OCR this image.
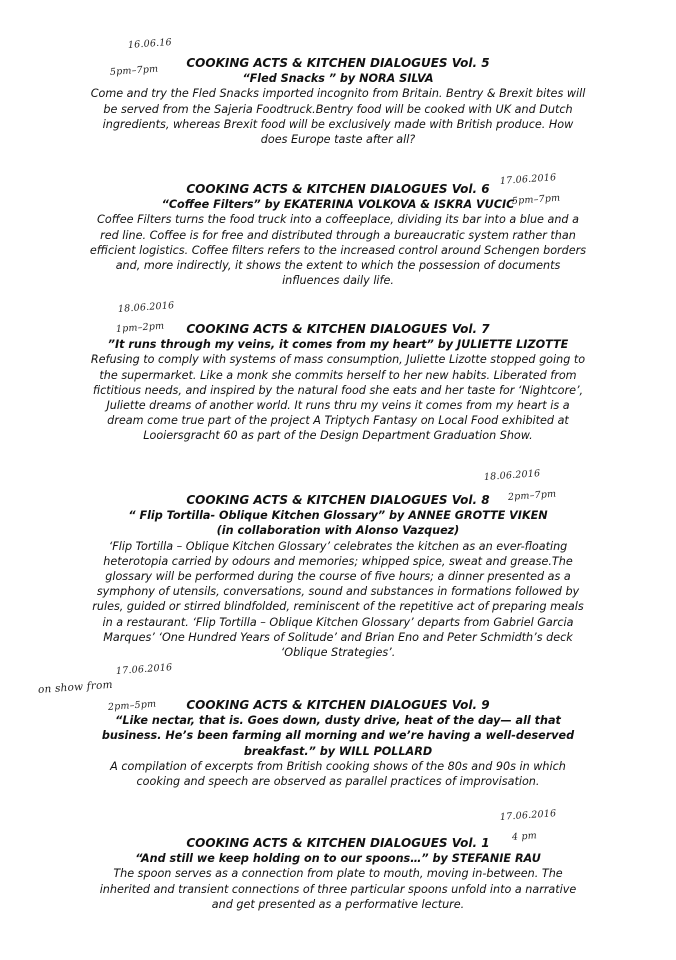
16.06.16
5pm–7pm
COOKING ACTS & KITCHEN DIALOGUES Vol. 5
“Fled Snacks ” by NORA SILVA
Come and try the Fled Snacks imported incognito from Britain. Bentry & Brexit bites will be served from the Sajeria Foodtruck.Bentry food will be cooked with UK and Dutch ingredients, whereas Brexit food will be exclusively made with British produce. How does Europe taste after all?
17.06.2016
5pm–7pm
COOKING ACTS & KITCHEN DIALOGUES Vol. 6
“Coffee Filters” by EKATERINA VOLKOVA & ISKRA VUCIC
Coffee Filters turns the food truck into a coffeeplace, dividing its bar into a blue and a red line. Coffee is for free and distributed through a bureaucratic system rather than efficient logistics. Coffee filters refers to the increased control around Schengen borders and, more indirectly, it shows the extent to which the possession of documents influences daily life.
18.06.2016
1pm–2pm	COOKING ACTS & KITCHEN DIALOGUES Vol. 7
”It runs through my veins, it comes from my heart” by JULIETTE LIZOTTE
Refusing to comply with systems of mass consumption, Juliette Lizotte stopped going to the supermarket. Like a monk she commits herself to her new habits. Liberated from fictitious needs, and inspired by the natural food she eats and her taste for ‘Nightcore’, Juliette dreams of another world. It runs thru my veins it comes from my heart is a dream come true part of the project A Triptych Fantasy on Local Food exhibited at Looiersgracht 60 as part of the Design Department Graduation Show.
18.06.2016
2pm–7pm
COOKING ACTS & KITCHEN DIALOGUES Vol. 8
“ Flip Tortilla- Oblique Kitchen Glossary” by ANNEE GROTTE VIKEN
(in collaboration with Alonso Vazquez)
‘Flip Tortilla – Oblique Kitchen Glossary’ celebrates the kitchen as an ever-floating heterotopia carried by odours and memories; whipped spice, sweat and grease.The glossary will be performed during the course of five hours; a dinner presented as a symphony of utensils, conversations, sound and substances in formations followed by rules, guided or stirred blindfolded, reminiscent of the repetitive act of preparing meals in a restaurant. ‘Flip Tortilla – Oblique Kitchen Glossary’ departs from Gabriel Garcia Marques’ ‘One Hundred Years of Solitude’ and Brian Eno and Peter Schmidth’s deck ‘Oblique Strategies’.
17.06.2016
on show from
2pm–5pm	COOKING ACTS & KITCHEN DIALOGUES Vol. 9
“Like nectar, that is. Goes down, dusty drive, heat of the day— all that business. He’s been farming all morning and we’re having a well-deserved breakfast.” by WILL POLLARD
A compilation of excerpts from British cooking shows of the 80s and 90s in which cooking and speech are observed as parallel practices of improvisation.
17.06.2016
4 pm
COOKING ACTS & KITCHEN DIALOGUES Vol. 1
“And still we keep holding on to our spoons…” by STEFANIE RAU
The spoon serves as a connection from plate to mouth, moving in-between. The inherited and transient connections of three particular spoons unfold into a narrative and get presented as a performative lecture.
